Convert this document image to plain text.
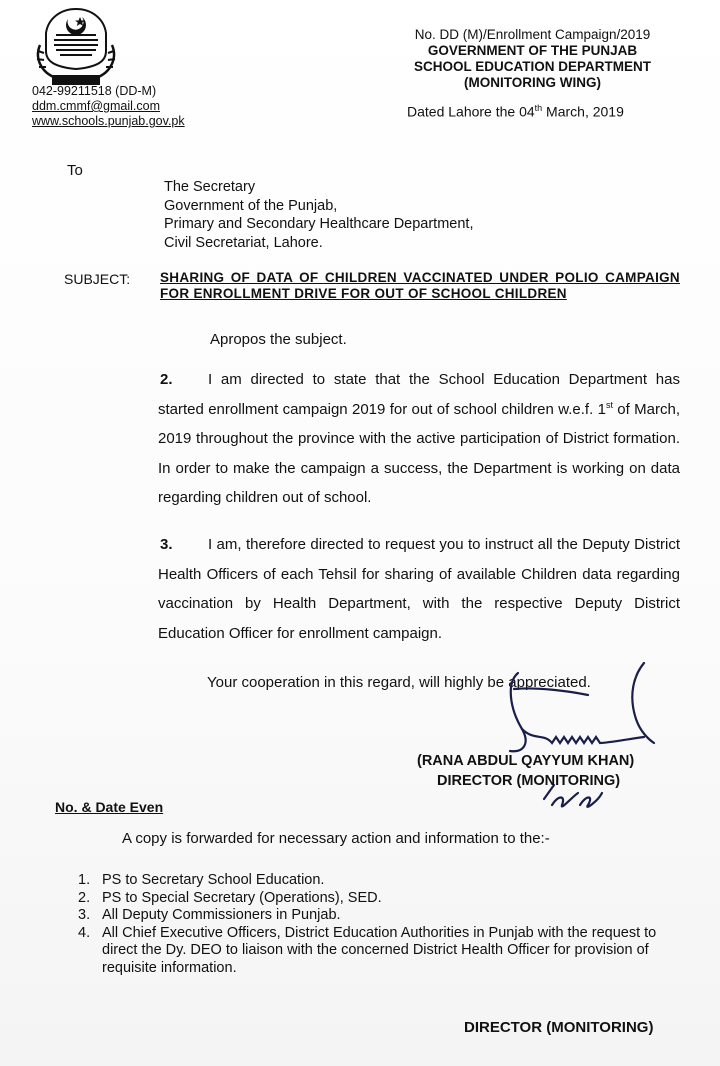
042-99211518 (DD-M)
ddm.cmmf@gmail.com
www.schools.punjab.gov.pk
No. DD (M)/Enrollment Campaign/2019
GOVERNMENT OF THE PUNJAB
SCHOOL EDUCATION DEPARTMENT
(MONITORING WING)
Dated Lahore the 04th March, 2019
To
The Secretary
Government of the Punjab,
Primary and Secondary Healthcare Department,
Civil Secretariat, Lahore.
SUBJECT: SHARING OF DATA OF CHILDREN VACCINATED UNDER POLIO CAMPAIGN FOR ENROLLMENT DRIVE FOR OUT OF SCHOOL CHILDREN
Apropos the subject.
2. I am directed to state that the School Education Department has started enrollment campaign 2019 for out of school children w.e.f. 1st of March, 2019 throughout the province with the active participation of District formation. In order to make the campaign a success, the Department is working on data regarding children out of school.
3. I am, therefore directed to request you to instruct all the Deputy District Health Officers of each Tehsil for sharing of available Children data regarding vaccination by Health Department, with the respective Deputy District Education Officer for enrollment campaign.
Your cooperation in this regard, will highly be appreciated.
(RANA ABDUL QAYYUM KHAN)
DIRECTOR (MONITORING)
No. & Date Even
A copy is forwarded for necessary action and information to the:-
1. PS to Secretary School Education.
2. PS to Special Secretary (Operations), SED.
3. All Deputy Commissioners in Punjab.
4. All Chief Executive Officers, District Education Authorities in Punjab with the request to direct the Dy. DEO to liaison with the concerned District Health Officer for provision of requisite information.
DIRECTOR (MONITORING)
